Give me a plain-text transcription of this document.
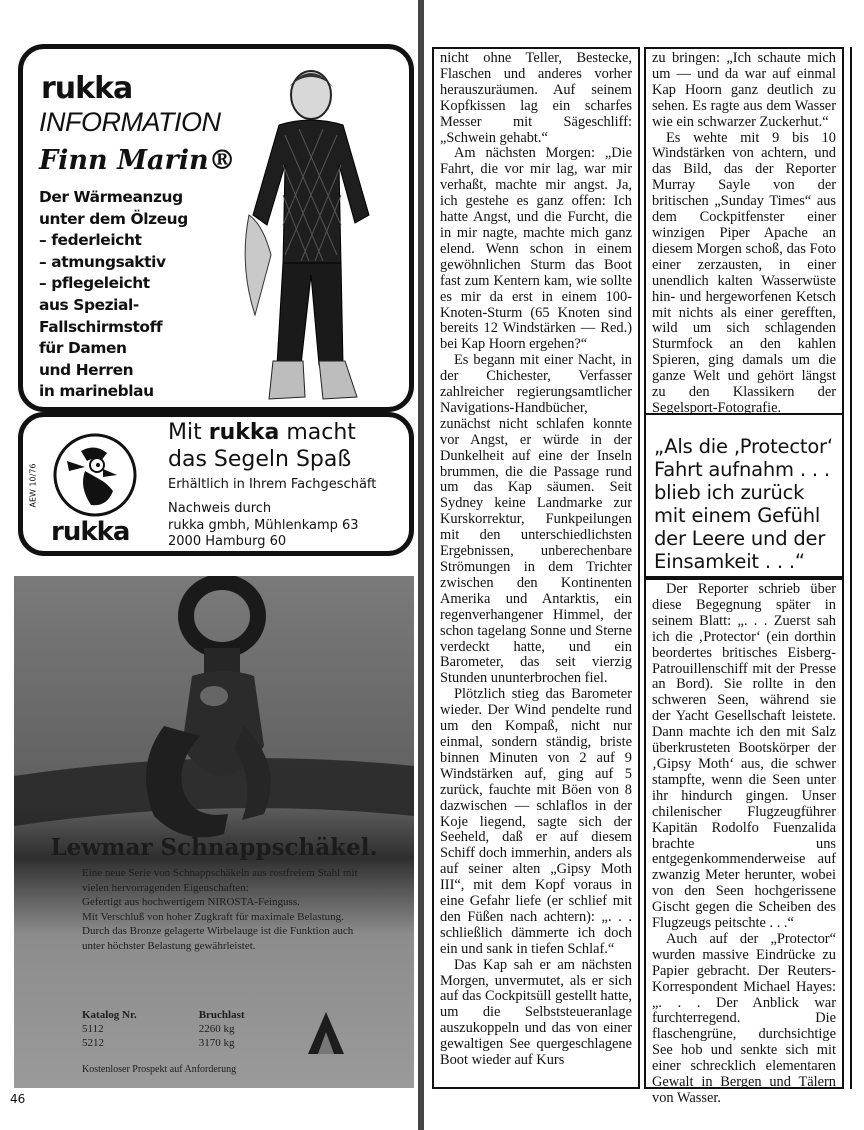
rukka
INFORMATION
Finn Marin®
Der Wärmeanzug
unter dem Ölzeug
– federleicht
– atmungsaktiv
– pflegeleicht
aus Spezial-
Fallschirmstoff
für Damen
und Herren
in marineblau
AEW 10/76
rukka
Mit rukka macht
das Segeln Spaß
Erhältlich in Ihrem Fachgeschäft
Nachweis durch
rukka gmbh, Mühlenkamp 63
2000 Hamburg 60
Lewmar Schnappschäkel.

Eine neue Serie von Schnappschäkeln aus rostfreiem Stahl mit vielen hervorragenden Eigenschaften:

Gefertigt aus hochwertigem NIROSTA-Feinguss.

Mit Verschluß von hoher Zugkraft für maximale Belastung.

Durch das Bronze gelagerte Wirbelauge ist die Funktion auch unter höchster Belastung gewährleistet.

Katalog Nr.	Bruchlast
5112	2260 kg
5212	3170 kg
Kostenloser Prospekt auf Anforderung
46

nicht ohne Teller, Bestecke, Flaschen und anderes vorher herauszuräumen. Auf seinem Kopfkissen lag ein scharfes Messer mit Sägeschliff: „Schwein gehabt.“

Am nächsten Morgen: „Die Fahrt, die vor mir lag, war mir verhaßt, machte mir angst. Ja, ich gestehe es ganz offen: Ich hatte Angst, und die Furcht, die in mir nagte, machte mich ganz elend. Wenn schon in einem gewöhnlichen Sturm das Boot fast zum Kentern kam, wie sollte es mir da erst in einem 100-Knoten-Sturm (65 Knoten sind bereits 12 Windstärken — Red.) bei Kap Hoorn ergehen?“

Es begann mit einer Nacht, in der Chichester, Verfasser zahlreicher regierungsamtlicher Navigations-Handbücher, zunächst nicht schlafen konnte vor Angst, er würde in der Dunkelheit auf eine der Inseln brummen, die die Passage rund um das Kap säumen. Seit Sydney keine Landmarke zur Kurskorrektur, Funkpeilungen mit den unterschiedlichsten Ergebnissen, unberechenbare Strömungen in dem Trichter zwischen den Kontinenten Amerika und Antarktis, ein regenverhangener Himmel, der schon tagelang Sonne und Sterne verdeckt hatte, und ein Barometer, das seit vierzig Stunden ununterbrochen fiel.

Plötzlich stieg das Barometer wieder. Der Wind pendelte rund um den Kompaß, nicht nur einmal, sondern ständig, briste binnen Minuten von 2 auf 9 Windstärken auf, ging auf 5 zurück, fauchte mit Böen von 8 dazwischen — schlaflos in der Koje liegend, sagte sich der Seeheld, daß er auf diesem Schiff doch immerhin, anders als auf seiner alten „Gipsy Moth III“, mit dem Kopf voraus in eine Gefahr liefe (er schlief mit den Füßen nach achtern): „. . . schließlich dämmerte ich doch ein und sank in tiefen Schlaf.“

Das Kap sah er am nächsten Morgen, unvermutet, als er sich auf das Cockpitsüll gestellt hatte, um die Selbststeueranlage auszukoppeln und das von einer gewaltigen See quergeschlagene Boot wieder auf Kurs

zu bringen: „Ich schaute mich um — und da war auf einmal Kap Hoorn ganz deutlich zu sehen. Es ragte aus dem Wasser wie ein schwarzer Zuckerhut.“

Es wehte mit 9 bis 10 Windstärken von achtern, und das Bild, das der Reporter Murray Sayle von der britischen „Sunday Times“ aus dem Cockpitfenster einer winzigen Piper Apache an diesem Morgen schoß, das Foto einer zerzausten, in einer unendlich kalten Wasserwüste hin- und hergeworfenen Ketsch mit nichts als einer gerefften, wild um sich schlagenden Sturmfock an den kahlen Spieren, ging damals um die ganze Welt und gehört längst zu den Klassikern der Segelsport-Fotografie.

„Als die ‚Protector‘ Fahrt aufnahm . . . blieb ich zurück mit einem Gefühl der Leere und der Einsamkeit . . .“

Der Reporter schrieb über diese Begegnung später in seinem Blatt: „. . . Zuerst sah ich die ‚Protector‘ (ein dorthin beordertes britisches Eisberg-Patrouillenschiff mit der Presse an Bord). Sie rollte in den schweren Seen, während sie der Yacht Gesellschaft leistete. Dann machte ich den mit Salz überkrusteten Bootskörper der ‚Gipsy Moth‘ aus, die schwer stampfte, wenn die Seen unter ihr hindurch gingen. Unser chilenischer Flugzeugführer Kapitän Rodolfo Fuenzalida brachte uns entgegenkommenderweise auf zwanzig Meter herunter, wobei von den Seen hochgerissene Gischt gegen die Scheiben des Flugzeugs peitschte . . .“

Auch auf der „Protector“ wurden massive Eindrücke zu Papier gebracht. Der Reuters-Korrespondent Michael Hayes: „. . . Der Anblick war furchterregend. Die flaschengrüne, durchsichtige See hob und senkte sich mit einer schrecklich elementaren Gewalt in Bergen und Tälern von Wasser.
